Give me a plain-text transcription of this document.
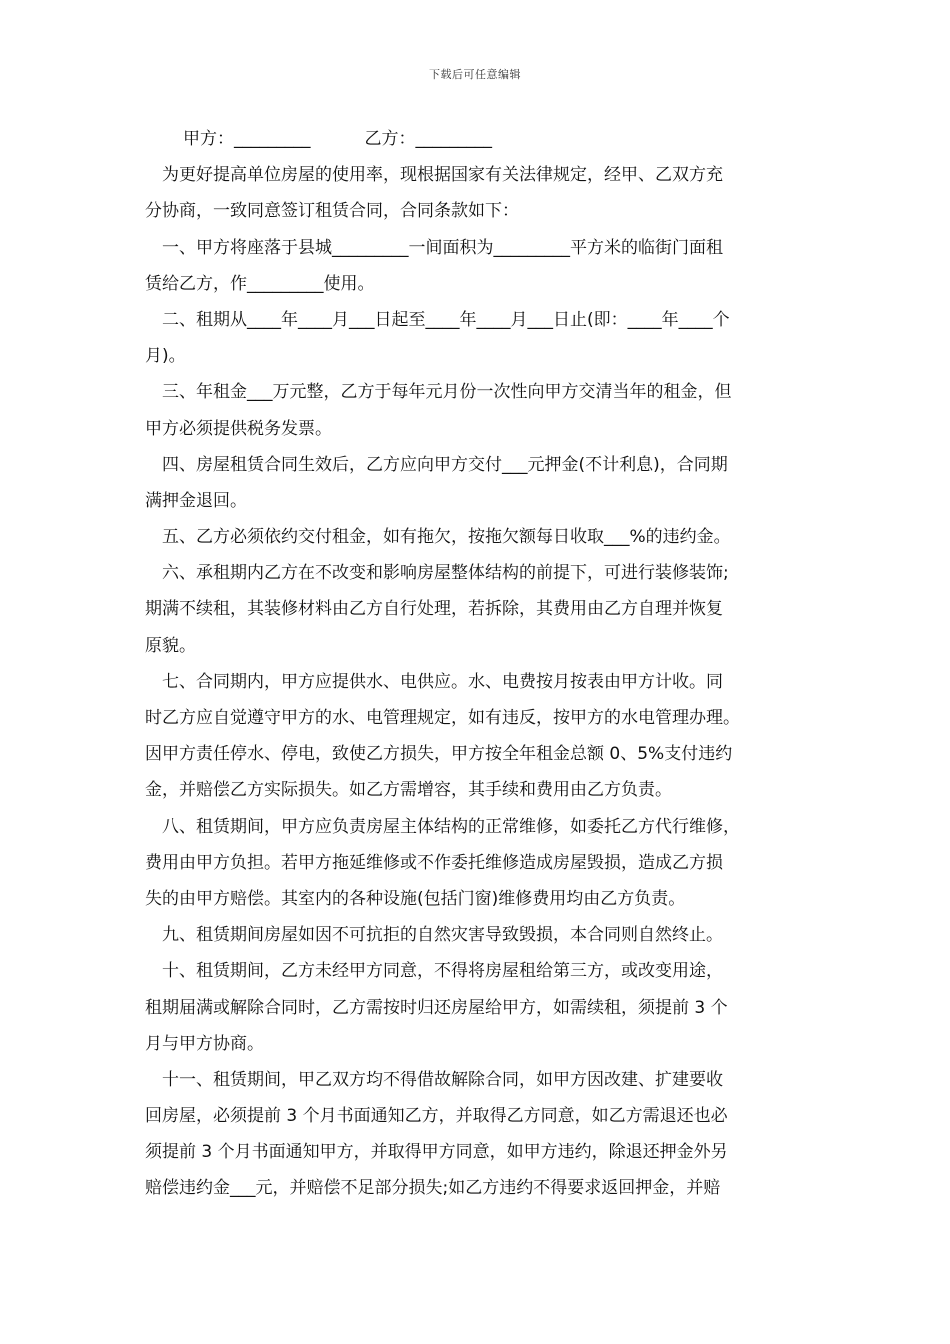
下载后可任意编辑
甲方：_________	乙方：_________
为更好提高单位房屋的使用率，现根据国家有关法律规定，经甲、乙双方充
分协商，一致同意签订租赁合同，合同条款如下：
一、甲方将座落于县城_________一间面积为_________平方米的临街门面租
赁给乙方，作_________使用。
二、租期从____年____月___日起至____年____月___日止(即：____年____个
月)。
三、年租金___万元整，乙方于每年元月份一次性向甲方交清当年的租金，但
甲方必须提供税务发票。
四、房屋租赁合同生效后，乙方应向甲方交付___元押金(不计利息)，合同期
满押金退回。
五、乙方必须依约交付租金，如有拖欠，按拖欠额每日收取___%的违约金。
六、承租期内乙方在不改变和影响房屋整体结构的前提下，可进行装修装饰;
期满不续租，其装修材料由乙方自行处理，若拆除，其费用由乙方自理并恢复
原貌。
七、合同期内，甲方应提供水、电供应。水、电费按月按表由甲方计收。同
时乙方应自觉遵守甲方的水、电管理规定，如有违反，按甲方的水电管理办理。
因甲方责任停水、停电，致使乙方损失，甲方按全年租金总额 0、5%支付违约
金，并赔偿乙方实际损失。如乙方需增容，其手续和费用由乙方负责。
八、租赁期间，甲方应负责房屋主体结构的正常维修，如委托乙方代行维修，
费用由甲方负担。若甲方拖延维修或不作委托维修造成房屋毁损，造成乙方损
失的由甲方赔偿。其室内的各种设施(包括门窗)维修费用均由乙方负责。
九、租赁期间房屋如因不可抗拒的自然灾害导致毁损，本合同则自然终止。
十、租赁期间，乙方未经甲方同意，不得将房屋租给第三方，或改变用途，
租期届满或解除合同时，乙方需按时归还房屋给甲方，如需续租，须提前 3 个
月与甲方协商。
十一、租赁期间，甲乙双方均不得借故解除合同，如甲方因改建、扩建要收
回房屋，必须提前 3 个月书面通知乙方，并取得乙方同意，如乙方需退还也必
须提前 3 个月书面通知甲方，并取得甲方同意，如甲方违约，除退还押金外另
赔偿违约金___元，并赔偿不足部分损失;如乙方违约不得要求返回押金，并赔
